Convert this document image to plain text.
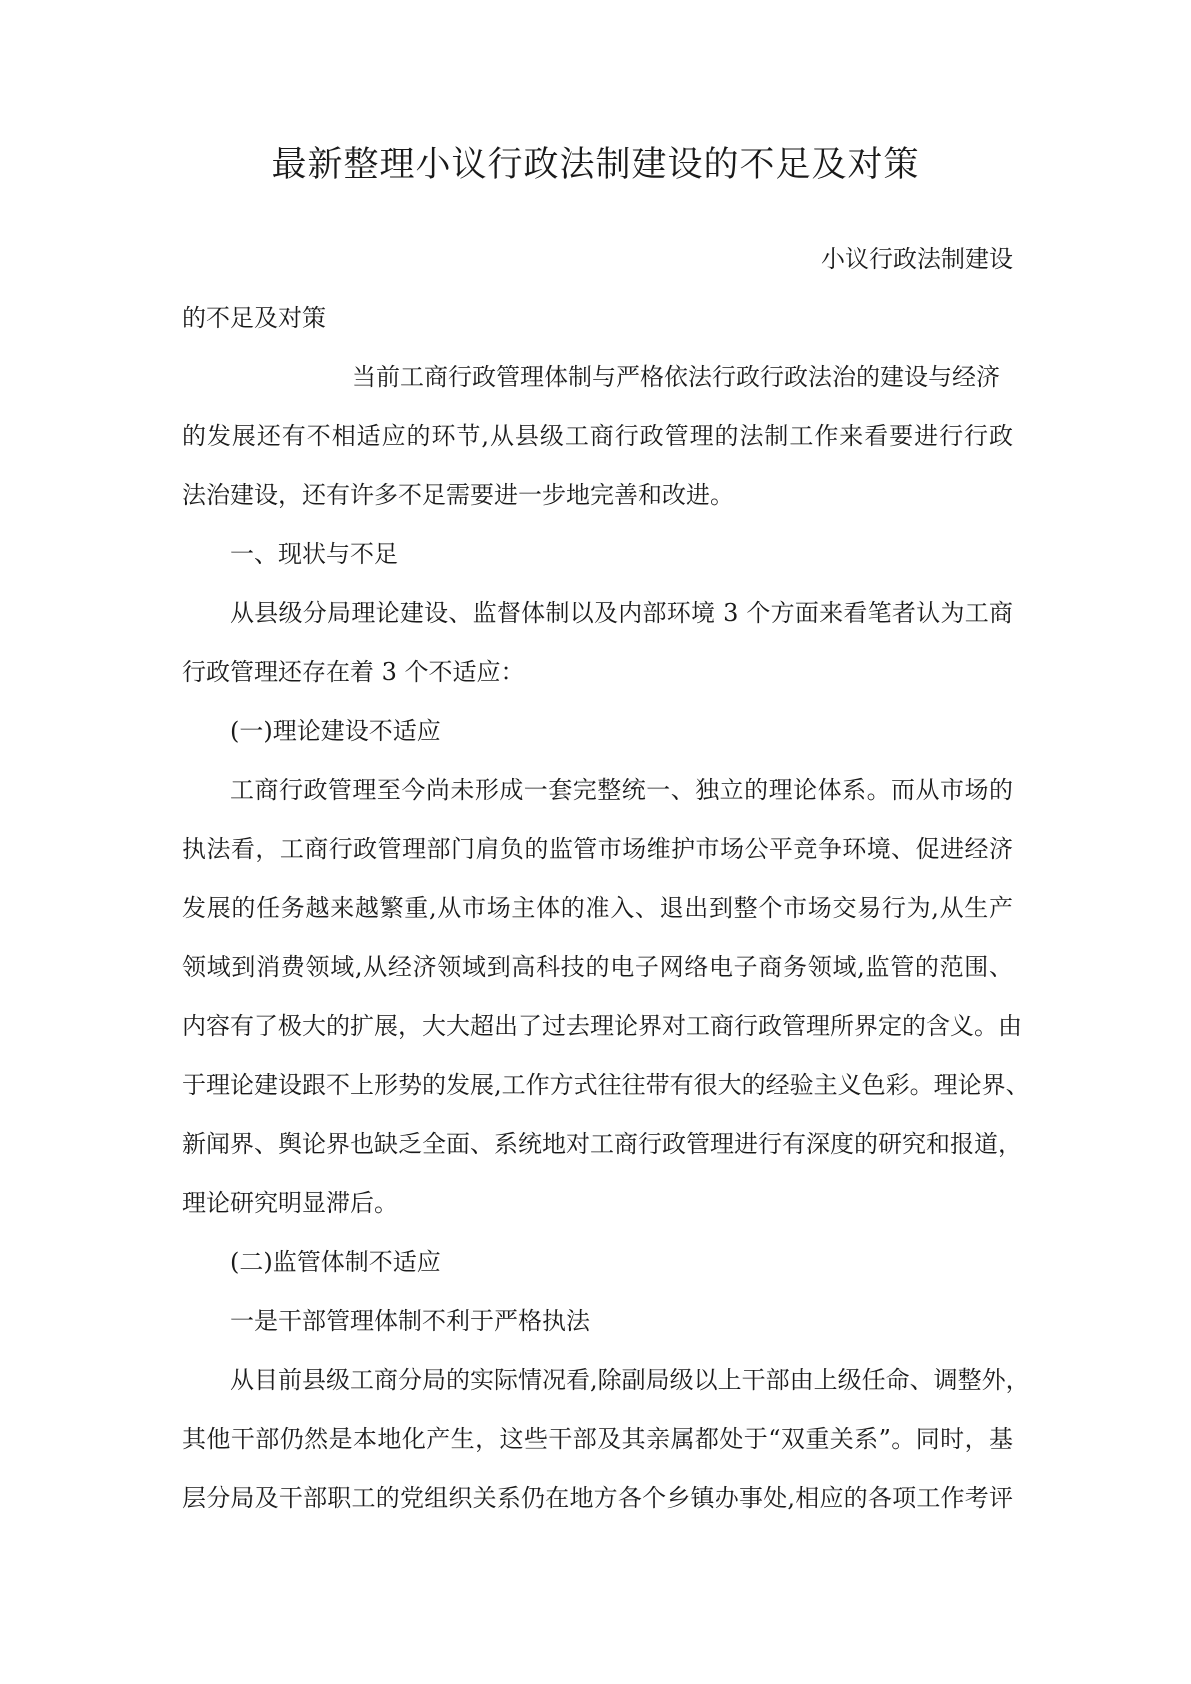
最新整理小议行政法制建设的不足及对策
小议行政法制建设
的不足及对策
当前工商行政管理体制与严格依法行政行政法治的建设与经济
的发展还有不相适应的环节,从县级工商行政管理的法制工作来看要进行行政
法治建设，还有许多不足需要进一步地完善和改进。
一、现状与不足
从县级分局理论建设、监督体制以及内部环境 3 个方面来看笔者认为工商
行政管理还存在着 3 个不适应：
(一)理论建设不适应
工商行政管理至今尚未形成一套完整统一、独立的理论体系。而从市场的
执法看，工商行政管理部门肩负的监管市场维护市场公平竞争环境、促进经济
发展的任务越来越繁重,从市场主体的准入、退出到整个市场交易行为,从生产
领域到消费领域,从经济领域到高科技的电子网络电子商务领域,监管的范围、
内容有了极大的扩展，大大超出了过去理论界对工商行政管理所界定的含义。由
于理论建设跟不上形势的发展,工作方式往往带有很大的经验主义色彩。理论界、
新闻界、舆论界也缺乏全面、系统地对工商行政管理进行有深度的研究和报道，
理论研究明显滞后。
(二)监管体制不适应
一是干部管理体制不利于严格执法
从目前县级工商分局的实际情况看,除副局级以上干部由上级任命、调整外，
其他干部仍然是本地化产生，这些干部及其亲属都处于“双重关系”。同时，基
层分局及干部职工的党组织关系仍在地方各个乡镇办事处,相应的各项工作考评
